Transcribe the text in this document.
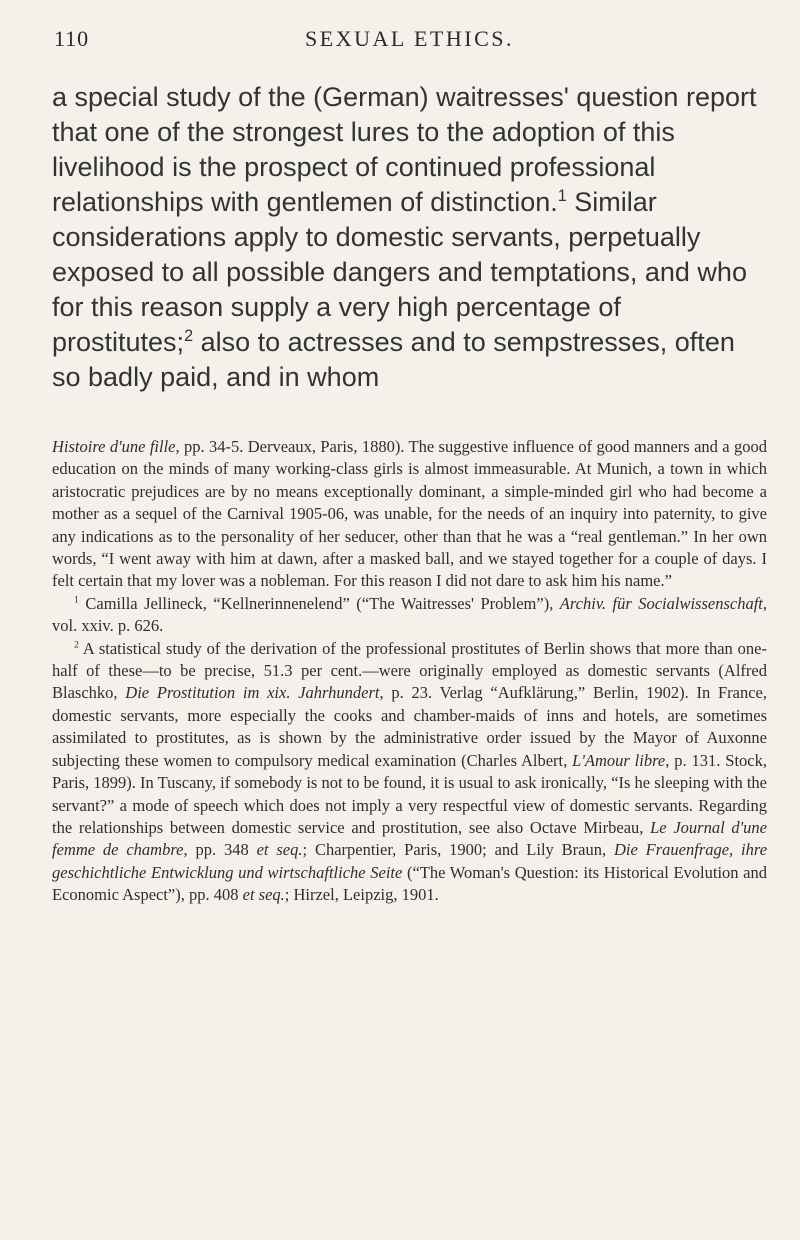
110	SEXUAL ETHICS.

a special study of the (German) waitresses' question report that one of the strongest lures to the adoption of this livelihood is the prospect of continued professional relationships with gentlemen of distinction.$^1$ Similar considerations apply to domestic servants, perpetually exposed to all possible dangers and temptations, and who for this reason supply a very high percentage of prostitutes;$^2$ also to actresses and to sempstresses, often so badly paid, and in whom

Histoire d'une fille, pp. 34-5. Derveaux, Paris, 1880). The suggestive influence of good manners and a good education on the minds of many working-class girls is almost immeasurable. At Munich, a town in which aristocratic prejudices are by no means exceptionally dominant, a simple-minded girl who had become a mother as a sequel of the Carnival 1905-06, was unable, for the needs of an inquiry into paternity, to give any indications as to the personality of her seducer, other than that he was a “real gentleman.” In her own words, “I went away with him at dawn, after a masked ball, and we stayed together for a couple of days. I felt certain that my lover was a nobleman. For this reason I did not dare to ask him his name.”

$^1$ Camilla Jellineck, “Kellnerinnenelend” (“The Waitresses' Problem”), Archiv. für Socialwissenschaft, vol. xxiv. p. 626.

$^2$ A statistical study of the derivation of the professional prostitutes of Berlin shows that more than one-half of these—to be precise, 51.3 per cent.—were originally employed as domestic servants (Alfred Blaschko, Die Prostitution im xix. Jahrhundert, p. 23. Verlag “Aufklärung,” Berlin, 1902). In France, domestic servants, more especially the cooks and chamber-maids of inns and hotels, are sometimes assimilated to prostitutes, as is shown by the administrative order issued by the Mayor of Auxonne subjecting these women to compulsory medical examination (Charles Albert, L'Amour libre, p. 131. Stock, Paris, 1899). In Tuscany, if somebody is not to be found, it is usual to ask ironically, “Is he sleeping with the servant?” a mode of speech which does not imply a very respectful view of domestic servants. Regarding the relationships between domestic service and prostitution, see also Octave Mirbeau, Le Journal d'une femme de chambre, pp. 348 et seq.; Charpentier, Paris, 1900; and Lily Braun, Die Frauenfrage, ihre geschichtliche Entwicklung und wirtschaftliche Seite (“The Woman's Question: its Historical Evolution and Economic Aspect”), pp. 408 et seq.; Hirzel, Leipzig, 1901.
